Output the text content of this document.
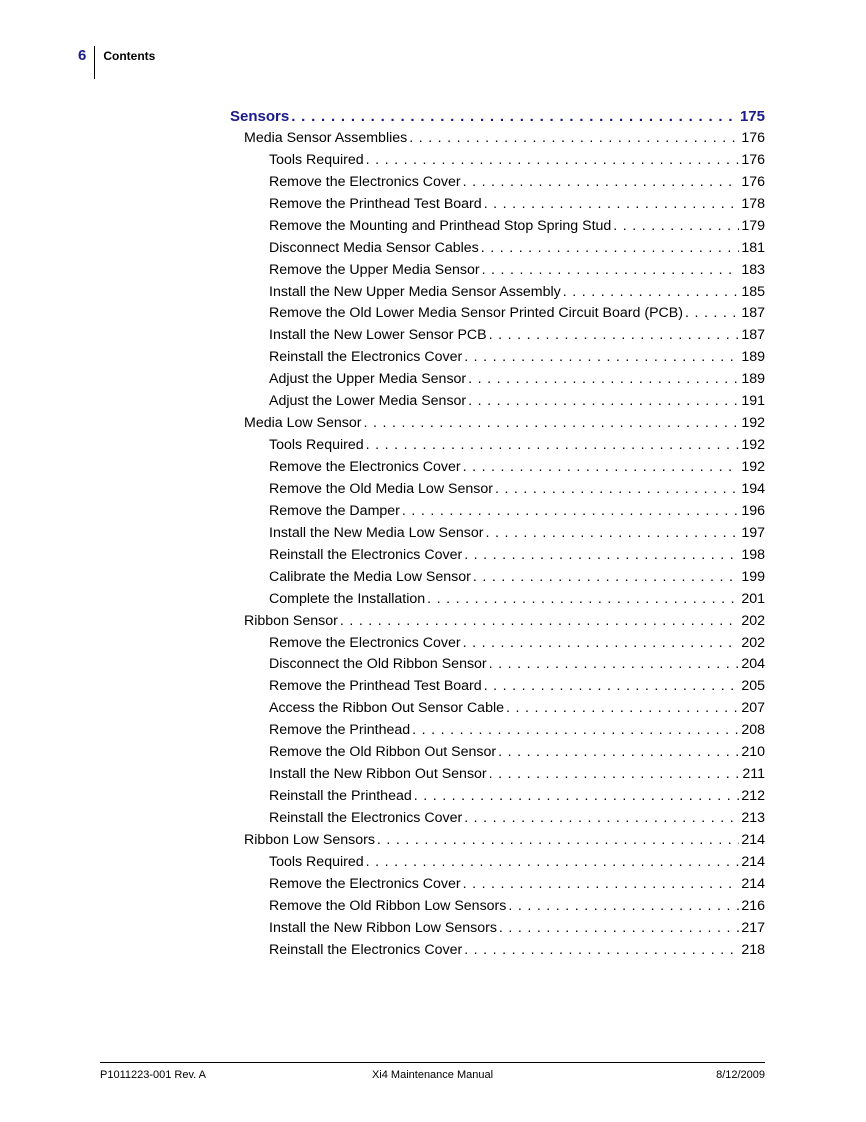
6	Contents
Sensors . . .	175
Media Sensor Assemblies . . .	176
Tools Required . . .	176
Remove the Electronics Cover . . .	176
Remove the Printhead Test Board . . .	178
Remove the Mounting and Printhead Stop Spring Stud . . .	179
Disconnect Media Sensor Cables . . .	181
Remove the Upper Media Sensor . . .	183
Install the New Upper Media Sensor Assembly . . .	185
Remove the Old Lower Media Sensor Printed Circuit Board (PCB) . . .	187
Install the New Lower Sensor PCB . . .	187
Reinstall the Electronics Cover . . .	189
Adjust the Upper Media Sensor . . .	189
Adjust the Lower Media Sensor . . .	191
Media Low Sensor . . .	192
Tools Required . . .	192
Remove the Electronics Cover . . .	192
Remove the Old Media Low Sensor . . .	194
Remove the Damper . . .	196
Install the New Media Low Sensor . . .	197
Reinstall the Electronics Cover . . .	198
Calibrate the Media Low Sensor . . .	199
Complete the Installation . . .	201
Ribbon Sensor . . .	202
Remove the Electronics Cover . . .	202
Disconnect the Old Ribbon Sensor . . .	204
Remove the Printhead Test Board . . .	205
Access the Ribbon Out Sensor Cable . . .	207
Remove the Printhead . . .	208
Remove the Old Ribbon Out Sensor . . .	210
Install the New Ribbon Out Sensor . . .	211
Reinstall the Printhead . . .	212
Reinstall the Electronics Cover . . .	213
Ribbon Low Sensors . . .	214
Tools Required . . .	214
Remove the Electronics Cover . . .	214
Remove the Old Ribbon Low Sensors . . .	216
Install the New Ribbon Low Sensors . . .	217
Reinstall the Electronics Cover . . .	218
P1011223-001 Rev. A	Xi4 Maintenance Manual	8/12/2009
